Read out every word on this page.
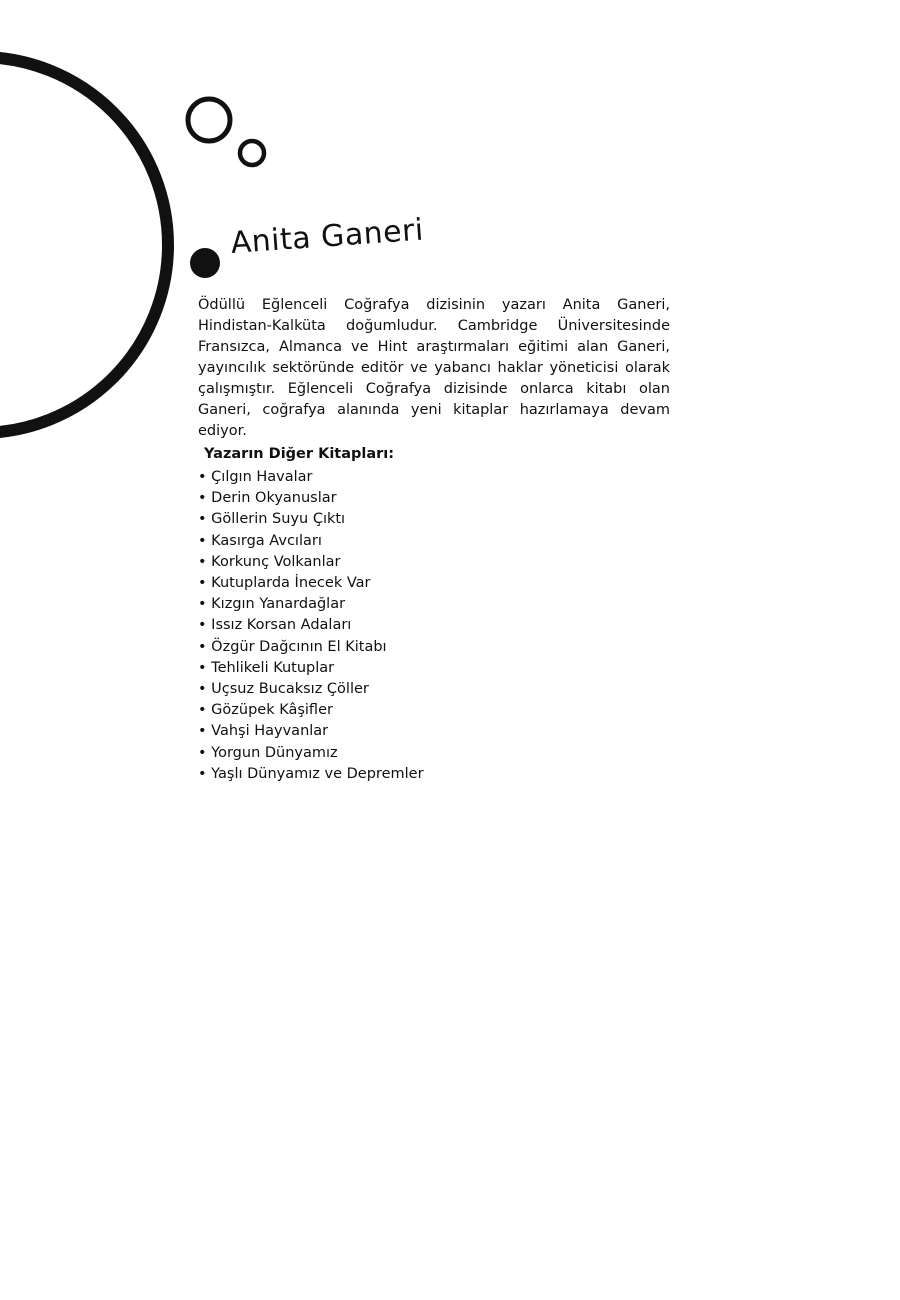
Anita Ganeri

Ödüllü Eğlenceli Coğrafya dizisinin yazarı Anita Ganeri, Hindistan-Kalküta doğumludur. Cambridge Üniversitesinde Fransızca, Almanca ve Hint araştırmaları eğitimi alan Ganeri, yayıncılık sektöründe editör ve yabancı haklar yöneticisi olarak çalışmıştır. Eğlenceli Coğrafya dizisinde onlarca kitabı olan Ganeri, coğrafya alanında yeni kitaplar hazırlamaya devam ediyor.

Yazarın Diğer Kitapları:
• Çılgın Havalar
• Derin Okyanuslar
• Göllerin Suyu Çıktı
• Kasırga Avcıları
• Korkunç Volkanlar
• Kutuplarda İnecek Var
• Kızgın Yanardağlar
• Issız Korsan Adaları
• Özgür Dağcının El Kitabı
• Tehlikeli Kutuplar
• Uçsuz Bucaksız Çöller
• Gözüpek Kâşifler
• Vahşi Hayvanlar
• Yorgun Dünyamız
• Yaşlı Dünyamız ve Depremler
